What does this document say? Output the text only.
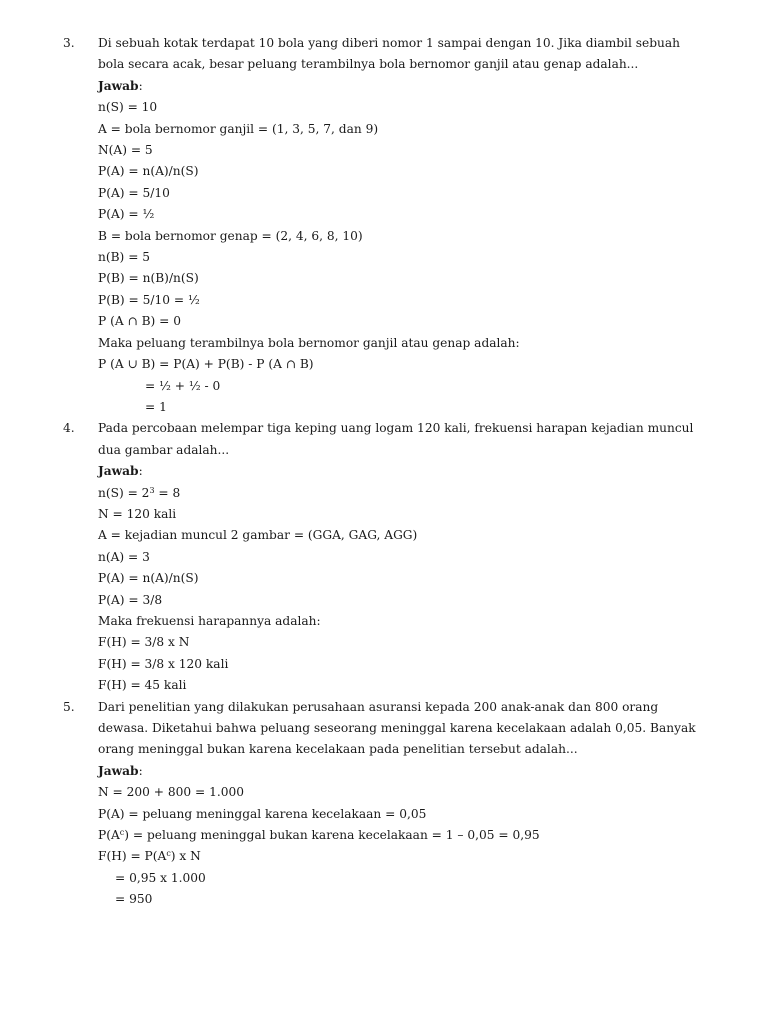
3. Di sebuah kotak terdapat 10 bola yang diberi nomor 1 sampai dengan 10. Jika diambil sebuah
bola secara acak, besar peluang terambilnya bola bernomor ganjil atau genap adalah...
Jawab:
n(S) = 10
A = bola bernomor ganjil = (1, 3, 5, 7, dan 9)
N(A) = 5
P(A) = n(A)/n(S)
P(A) = 5/10
P(A) = ½
B = bola bernomor genap = (2, 4, 6, 8, 10)
n(B) = 5
P(B) = n(B)/n(S)
P(B) = 5/10 = ½
P (A ∩ B) = 0
Maka peluang terambilnya bola bernomor ganjil atau genap adalah:
P (A ∪ B) = P(A) + P(B) - P (A ∩ B)
= ½ + ½ - 0
= 1
4. Pada percobaan melempar tiga keping uang logam 120 kali, frekuensi harapan kejadian muncul
dua gambar adalah...
Jawab:
$n(S) = 2^3 = 8$
N = 120 kali
A = kejadian muncul 2 gambar = (GGA, GAG, AGG)
n(A) = 3
P(A) = n(A)/n(S)
P(A) = 3/8
Maka frekuensi harapannya adalah:
F(H) = 3/8 x N
F(H) = 3/8 x 120 kali
F(H) = 45 kali
5. Dari penelitian yang dilakukan perusahaan asuransi kepada 200 anak-anak dan 800 orang
dewasa. Diketahui bahwa peluang seseorang meninggal karena kecelakaan adalah 0,05. Banyak
orang meninggal bukan karena kecelakaan pada penelitian tersebut adalah...
Jawab:
N = 200 + 800 = 1.000
P(A) = peluang meninggal karena kecelakaan = 0,05
$P(A^c)$ = peluang meninggal bukan karena kecelakaan = 1 – 0,05 = 0,95
$F(H) = P(A^c)$ x N
= 0,95 x 1.000
= 950
